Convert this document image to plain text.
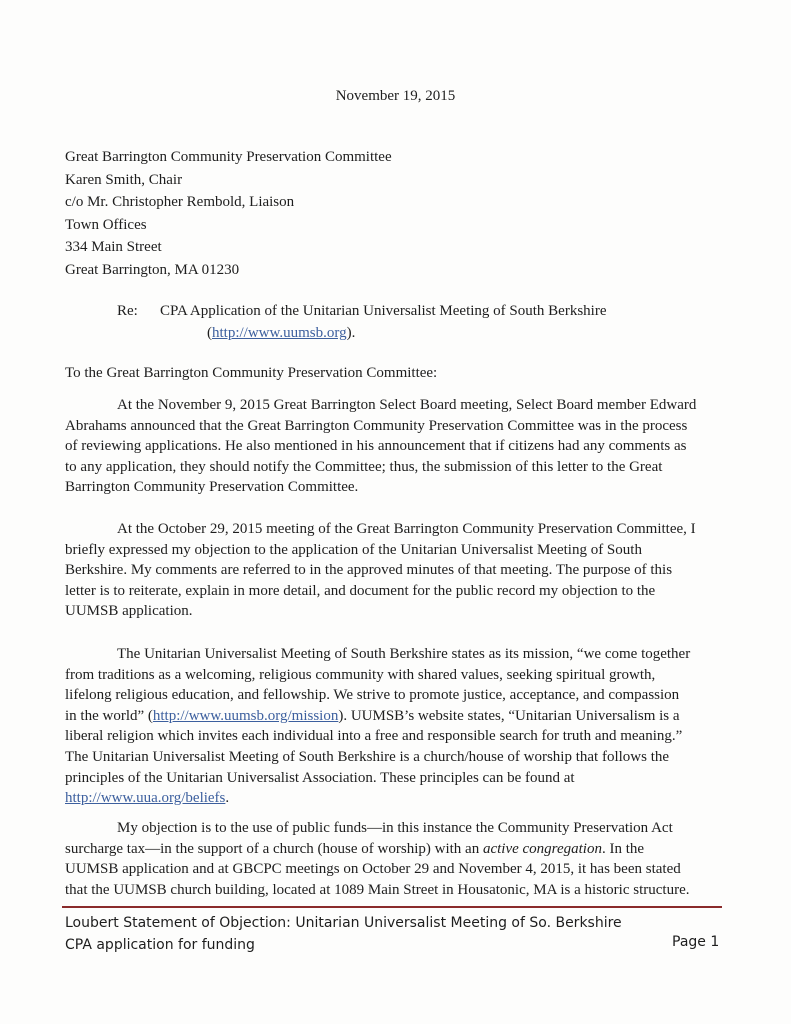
November 19, 2015
Great Barrington Community Preservation Committee
Karen Smith, Chair
c/o Mr. Christopher Rembold, Liaison
Town Offices
334 Main Street
Great Barrington, MA 01230
Re: CPA Application of the Unitarian Universalist Meeting of South Berkshire
(http://www.uumsb.org).
To the Great Barrington Community Preservation Committee:
At the November 9, 2015 Great Barrington Select Board meeting, Select Board member Edward
Abrahams announced that the Great Barrington Community Preservation Committee was in the process
of reviewing applications. He also mentioned in his announcement that if citizens had any comments as
to any application, they should notify the Committee; thus, the submission of this letter to the Great
Barrington Community Preservation Committee.
At the October 29, 2015 meeting of the Great Barrington Community Preservation Committee, I
briefly expressed my objection to the application of the Unitarian Universalist Meeting of South
Berkshire. My comments are referred to in the approved minutes of that meeting. The purpose of this
letter is to reiterate, explain in more detail, and document for the public record my objection to the
UUMSB application.
The Unitarian Universalist Meeting of South Berkshire states as its mission, “we come together
from traditions as a welcoming, religious community with shared values, seeking spiritual growth,
lifelong religious education, and fellowship. We strive to promote justice, acceptance, and compassion
in the world” (http://www.uumsb.org/mission). UUMSB’s website states, “Unitarian Universalism is a
liberal religion which invites each individual into a free and responsible search for truth and meaning.”
The Unitarian Universalist Meeting of South Berkshire is a church/house of worship that follows the
principles of the Unitarian Universalist Association. These principles can be found at
http://www.uua.org/beliefs.
My objection is to the use of public funds—in this instance the Community Preservation Act
surcharge tax—in the support of a church (house of worship) with an active congregation. In the
UUMSB application and at GBCPC meetings on October 29 and November 4, 2015, it has been stated
that the UUMSB church building, located at 1089 Main Street in Housatonic, MA is a historic structure.
Loubert Statement of Objection: Unitarian Universalist Meeting of So. Berkshire
CPA application for funding	Page 1
